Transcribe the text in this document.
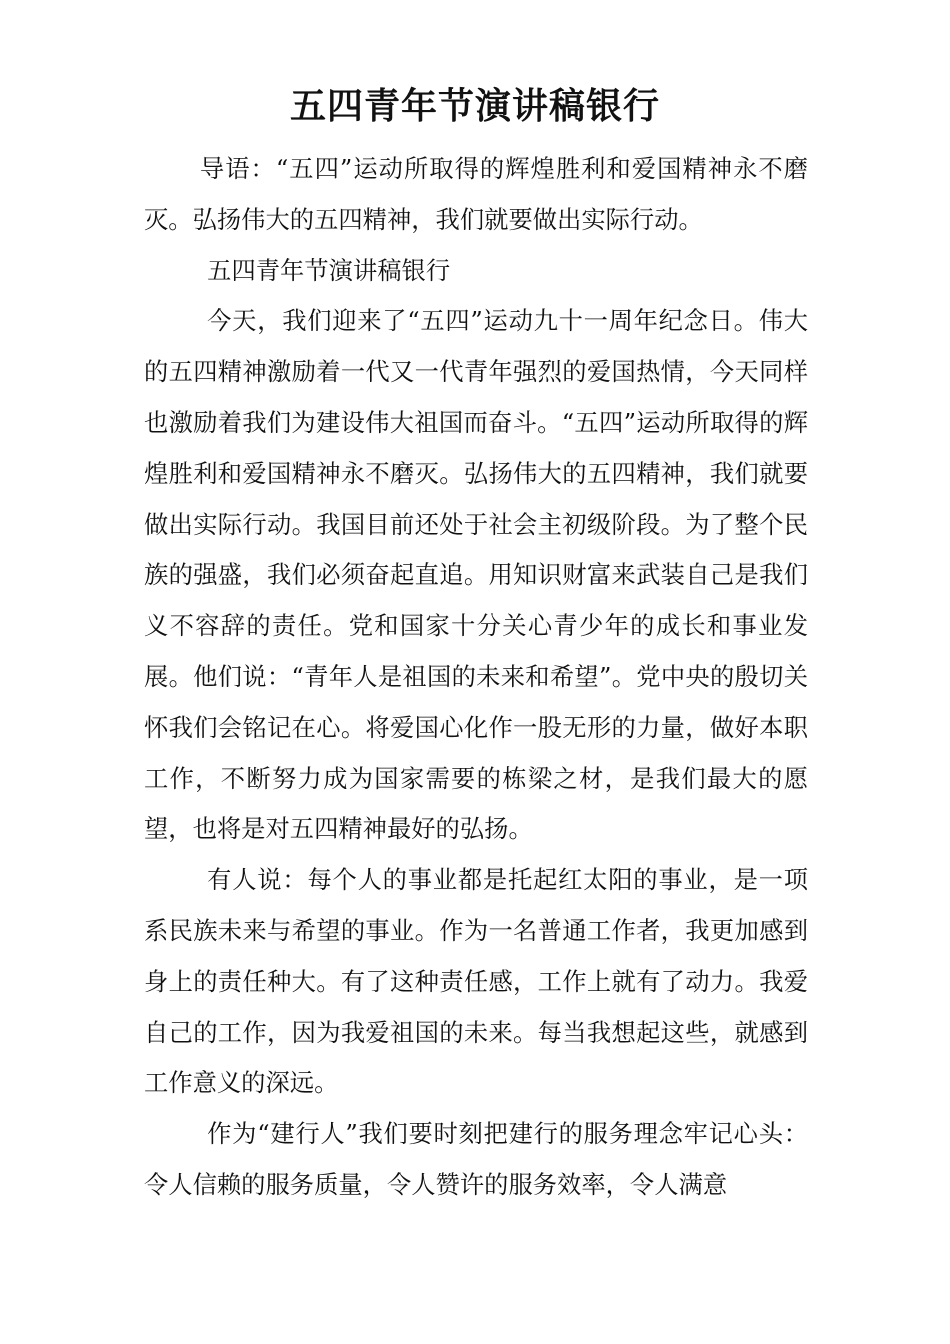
五四青年节演讲稿银行

导语：“五四”运动所取得的辉煌胜利和爱国精神永不磨灭。弘扬伟大的五四精神，我们就要做出实际行动。

五四青年节演讲稿银行

今天，我们迎来了“五四”运动九十一周年纪念日。伟大的五四精神激励着一代又一代青年强烈的爱国热情，今天同样也激励着我们为建设伟大祖国而奋斗。“五四”运动所取得的辉煌胜利和爱国精神永不磨灭。弘扬伟大的五四精神，我们就要做出实际行动。我国目前还处于社会主初级阶段。为了整个民族的强盛，我们必须奋起直追。用知识财富来武装自己是我们义不容辞的责任。党和国家十分关心青少年的成长和事业发展。他们说：“青年人是祖国的未来和希望”。党中央的殷切关怀我们会铭记在心。将爱国心化作一股无形的力量，做好本职工作，不断努力成为国家需要的栋梁之材，是我们最大的愿望，也将是对五四精神最好的弘扬。

有人说：每个人的事业都是托起红太阳的事业，是一项系民族未来与希望的事业。作为一名普通工作者，我更加感到身上的责任种大。有了这种责任感，工作上就有了动力。我爱自己的工作，因为我爱祖国的未来。每当我想起这些，就感到工作意义的深远。

作为“建行人”我们要时刻把建行的服务理念牢记心头：令人信赖的服务质量，令人赞许的服务效率，令人满意
